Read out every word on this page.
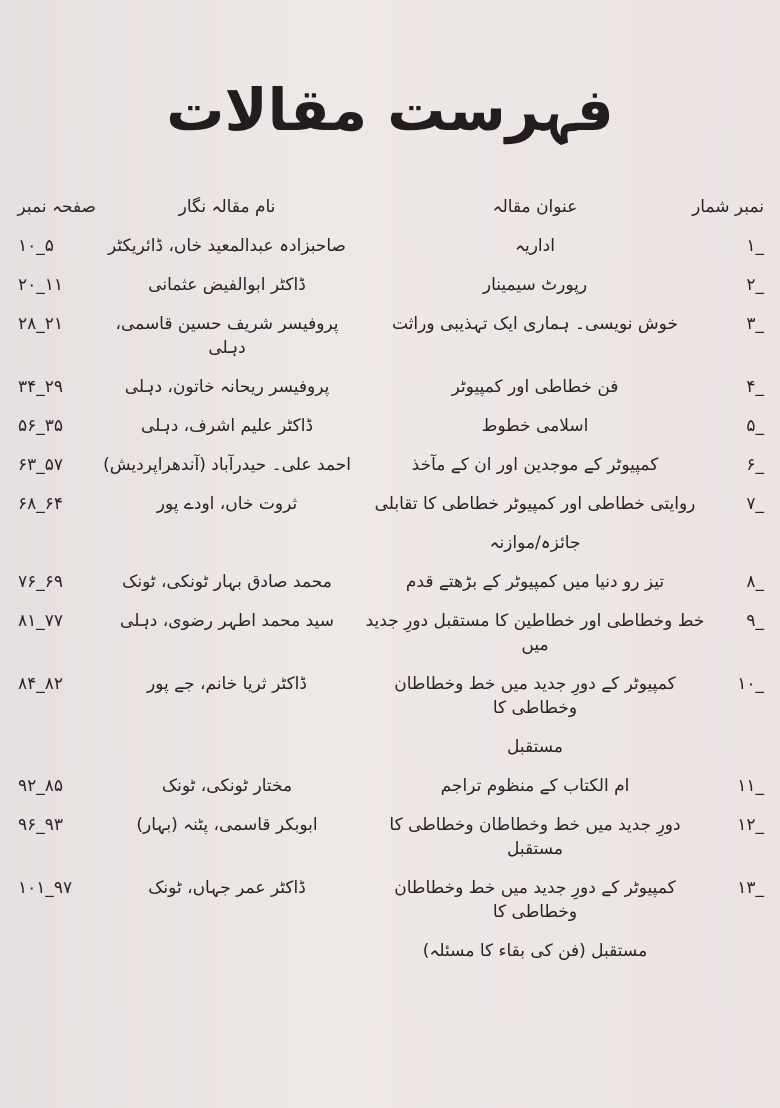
فہرست مقالات
صفحہ نمبر	نام مقالہ نگار	عنوان مقالہ	نمبر شمار
۱۰_۵	صاحبزادہ عبدالمعید خاں، ڈائریکٹر	اداریہ	۱_
۲۰_۱۱	ڈاکٹر ابوالفیض عثمانی	رپورٹ سیمینار	۲_
۲۸_۲۱	پروفیسر شریف حسین قاسمی، دہلی
خوش نویسی۔ ہماری ایک تہذیبی وراثت	۳_
۳۴_۲۹	پروفیسر ریحانہ خاتون، دہلی	فن خطاطی اور کمپیوٹر	۴_
۵۶_۳۵	ڈاکٹر علیم اشرف، دہلی	اسلامی خطوط	۵_
۶۳_۵۷	احمد علی۔ حیدرآباد (آندھراپردیش)	کمپیوٹر کے موجدین اور ان کے مآخذ	۶_
۶۸_۶۴	ثروت خاں، اودے پور	روایتی خطاطی اور کمپیوٹر خطاطی کا تقابلی	۷_
جائزہ/موازنہ
۷۶_۶۹	محمد صادق بہار ٹونکی، ٹونک	تیز رو دنیا میں کمپیوٹر کے بڑھتے قدم	۸_
۸۱_۷۷	سید محمد اطہر رضوی، دہلی	خط وخطاطی اور خطاطین کا مستقبل دورِ جدید میں
۹_
۸۴_۸۲	ڈاکٹر ثریا خانم، جے پور	کمپیوٹر کے دورِ جدید میں خط وخطاطان وخطاطی کا
۱۰_
مستقبل
۹۲_۸۵	مختار ٹونکی، ٹونک	ام الکتاب کے منظوم تراجم	۱۱_
۹۶_۹۳	ابوبکر قاسمی، پٹنہ (بہار)	دورِ جدید میں خط وخطاطان وخطاطی کا مستقبل
۱۲_
۱۰۱_۹۷	ڈاکٹر عمر جہاں، ٹونک	کمپیوٹر کے دورِ جدید میں خط وخطاطان وخطاطی کا
۱۳_
مستقبل (فن کی بقاء کا مسئلہ)
